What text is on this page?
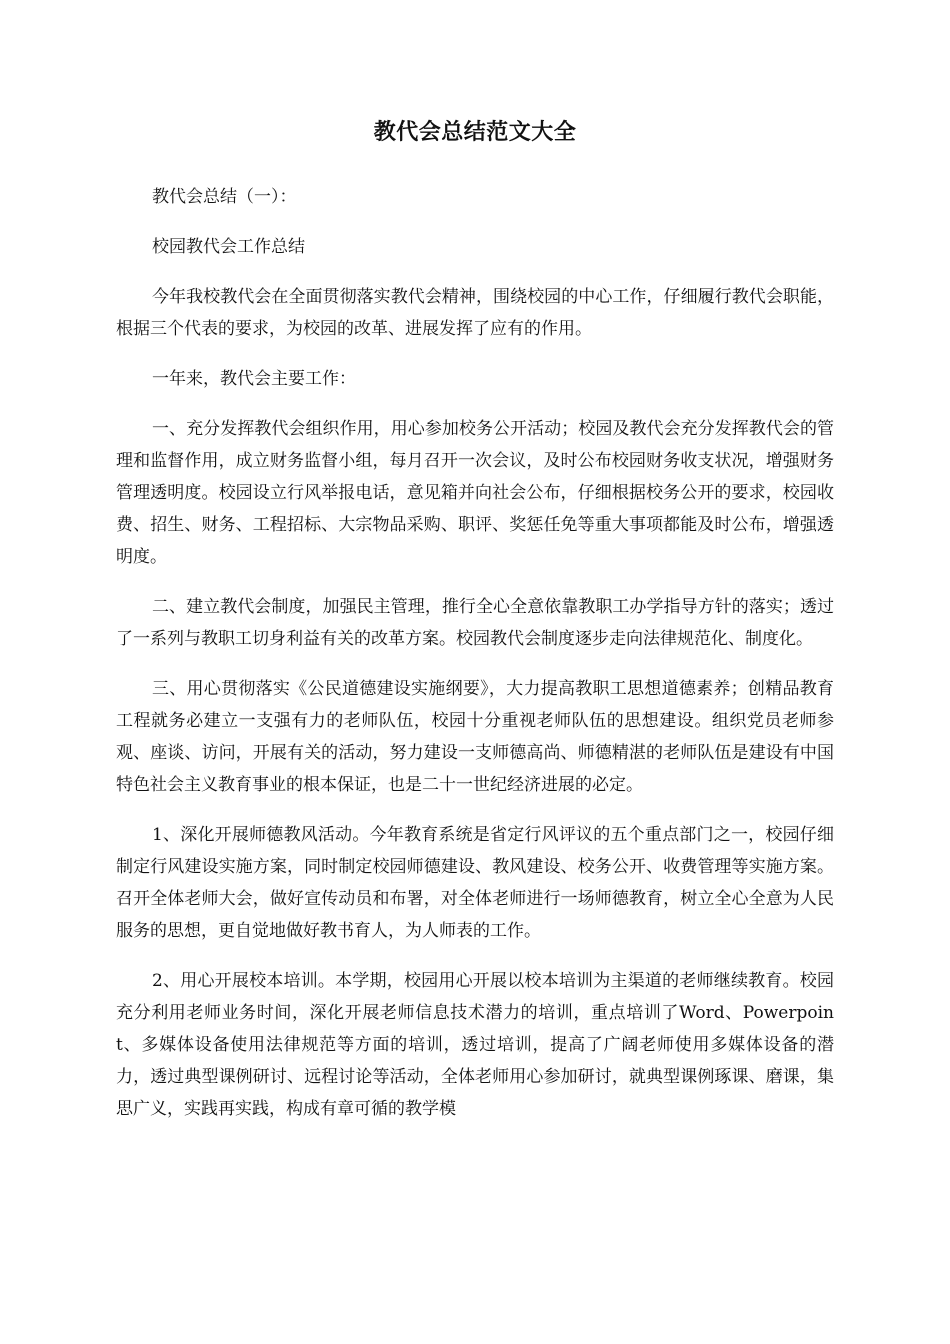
教代会总结范文大全

教代会总结（一）：

校园教代会工作总结

今年我校教代会在全面贯彻落实教代会精神，围绕校园的中心工作，仔细履行教代会职能，根据三个代表的要求，为校园的改革、进展发挥了应有的作用。

一年来，教代会主要工作：

一、充分发挥教代会组织作用，用心参加校务公开活动；校园及教代会充分发挥教代会的管理和监督作用，成立财务监督小组，每月召开一次会议，及时公布校园财务收支状况，增强财务管理透明度。校园设立行风举报电话，意见箱并向社会公布，仔细根据校务公开的要求，校园收费、招生、财务、工程招标、大宗物品采购、职评、奖惩任免等重大事项都能及时公布，增强透明度。

二、建立教代会制度，加强民主管理，推行全心全意依靠教职工办学指导方针的落实；透过了一系列与教职工切身利益有关的改革方案。校园教代会制度逐步走向法律规范化、制度化。

三、用心贯彻落实《公民道德建设实施纲要》，大力提高教职工思想道德素养；创精品教育工程就务必建立一支强有力的老师队伍，校园十分重视老师队伍的思想建设。组织党员老师参观、座谈、访问，开展有关的活动，努力建设一支师德高尚、师德精湛的老师队伍是建设有中国特色社会主义教育事业的根本保证，也是二十一世纪经济进展的必定。

1、深化开展师德教风活动。今年教育系统是省定行风评议的五个重点部门之一，校园仔细制定行风建设实施方案，同时制定校园师德建设、教风建设、校务公开、收费管理等实施方案。召开全体老师大会，做好宣传动员和布署，对全体老师进行一场师德教育，树立全心全意为人民服务的思想，更自觉地做好教书育人，为人师表的工作。

2、用心开展校本培训。本学期，校园用心开展以校本培训为主渠道的老师继续教育。校园充分利用老师业务时间，深化开展老师信息技术潜力的培训，重点培训了Word、Powerpoint、多媒体设备使用法律规范等方面的培训，透过培训，提高了广阔老师使用多媒体设备的潜力，透过典型课例研讨、远程讨论等活动，全体老师用心参加研讨，就典型课例琢课、磨课，集思广义，实践再实践，构成有章可循的教学模
